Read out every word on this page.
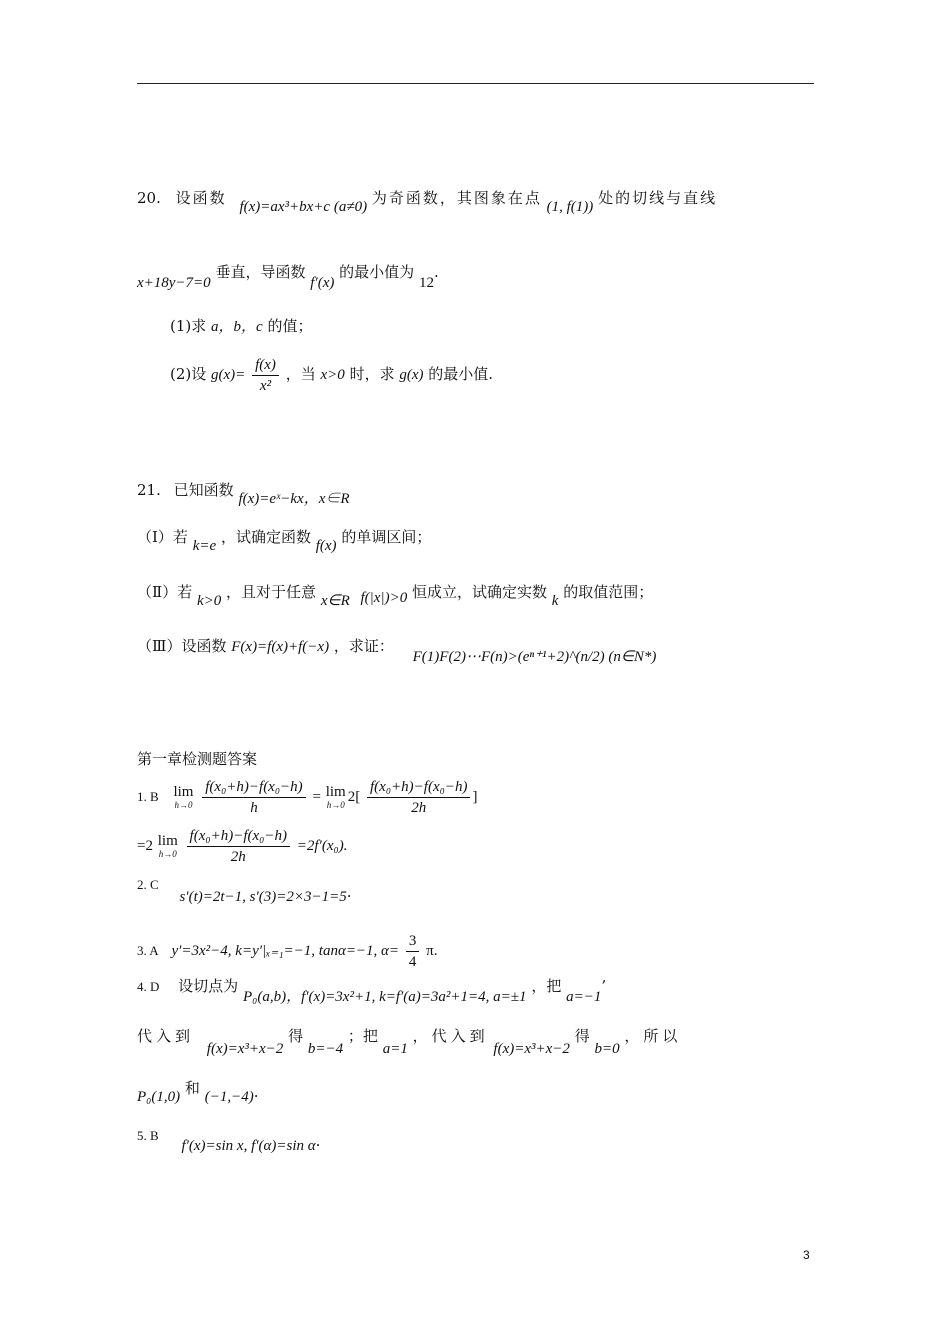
20. 设函数 f(x)=ax³+bx+c (a≠0) 为奇函数，其图象在点 (1, f(1)) 处的切线与直线
x+18y−7=0 垂直，导函数 f′(x) 的最小值为 12.
(1)求 a，b，c 的值；
(2)设 $g(x)= \frac{f(x)}{\text{x²}}$ ，当 x>0 时，求 g(x) 的最小值.
21. 已知函数 f(x)=eˣ−kx，x∈R
（Ⅰ）若 k=e ，试确定函数 f(x) 的单调区间；
（Ⅱ）若 k>0 ，且对于任意 x∈R f(|x|)>0 恒成立，试确定实数 k 的取值范围；
（Ⅲ）设函数 F(x)=f(x)+f(−x) ，求证： F(1)F(2)⋯F(n)>(eⁿ⁺¹+2)^(n/2) (n∈N*)
第一章检测题答案
1. B lim
h→0
$\frac{\text{f(x₀+h)−f(x₀−h)}}{h} = \lim$
h→0 $2[ \frac{\text{f(x₀+h)−f(x₀−h)}}{2h}$ ]
=2 lim
h→0
$\frac{\text{f(x₀+h)−f(x₀−h)}}{2h} =2f'(x_0)$.
2. C s′(t)=2t−1, s′(3)=2×3−1=5.
3. A y′=3x²−4, k=y′|ₓ₌₁=−1, tanα=−1, $\alpha= \frac{3}{4} \pi$.
4. D 设切点为 P₀(a,b)，f′(x)=3x²+1, k=f′(a)=3a²+1=4, a=±1 ，把 a=−1’
代入到 f(x)=x³+x−2 得 b=−4 ；把 a=1 ，代入到 f(x)=x³+x−2 得 b=0 ，所以
P₀(1,0) 和 (−1,−4).
5. B f′(x)=sin x, f′(α)=sin α.
3
